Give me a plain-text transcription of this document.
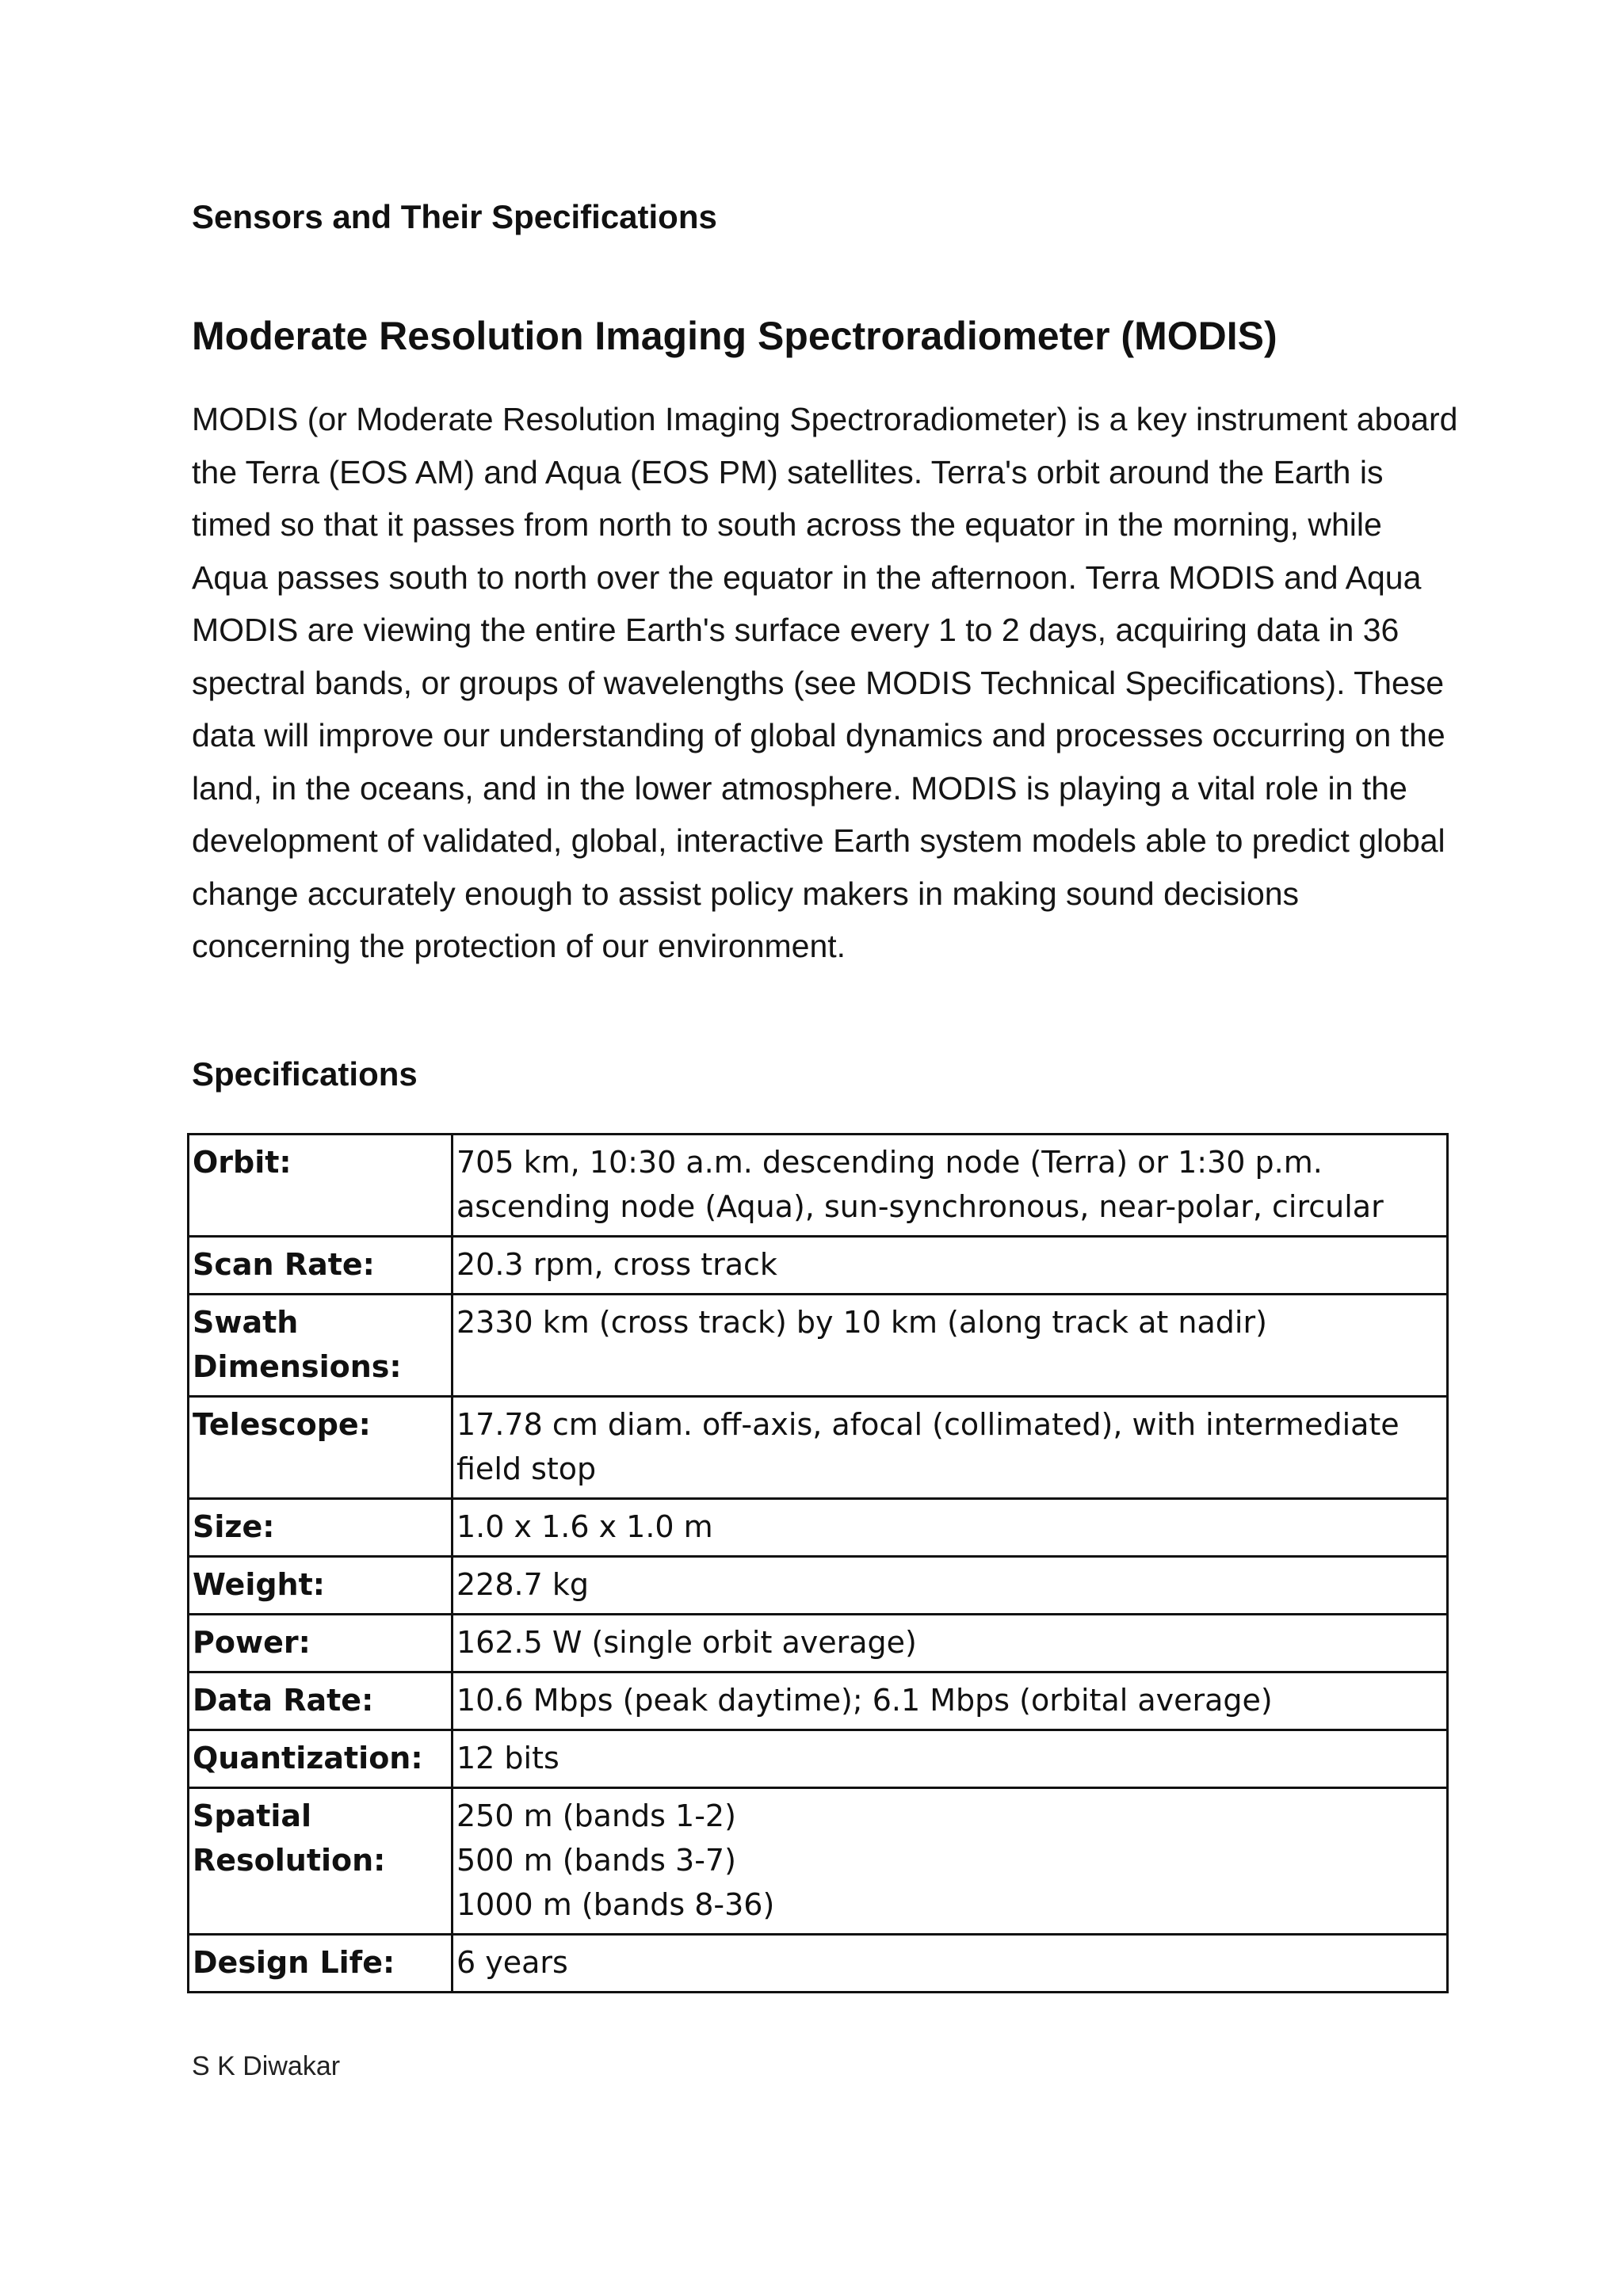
Sensors and Their Specifications
Moderate Resolution Imaging Spectroradiometer (MODIS)

MODIS (or Moderate Resolution Imaging Spectroradiometer) is a key instrument aboard the Terra (EOS AM) and Aqua (EOS PM) satellites. Terra's orbit around the Earth is timed so that it passes from north to south across the equator in the morning, while Aqua passes south to north over the equator in the afternoon. Terra MODIS and Aqua MODIS are viewing the entire Earth's surface every 1 to 2 days, acquiring data in 36 spectral bands, or groups of wavelengths (see MODIS Technical Specifications). These data will improve our understanding of global dynamics and processes occurring on the land, in the oceans, and in the lower atmosphere. MODIS is playing a vital role in the development of validated, global, interactive Earth system models able to predict global change accurately enough to assist policy makers in making sound decisions concerning the protection of our environment.

Specifications
Orbit:	705 km, 10:30 a.m. descending node (Terra) or 1:30 p.m. ascending node (Aqua), sun-synchronous, near-polar, circular
Scan Rate:	20.3 rpm, cross track
Swath Dimensions:	2330 km (cross track) by 10 km (along track at nadir)
Telescope:	17.78 cm diam. off-axis, afocal (collimated), with intermediate field stop
Size:	1.0 x 1.6 x 1.0 m
Weight:	228.7 kg
Power:	162.5 W (single orbit average)
Data Rate:	10.6 Mbps (peak daytime); 6.1 Mbps (orbital average)
Quantization:	12 bits
Spatial Resolution:	250 m (bands 1-2)
500 m (bands 3-7)
1000 m (bands 8-36)
Design Life:	6 years

S K Diwakar
